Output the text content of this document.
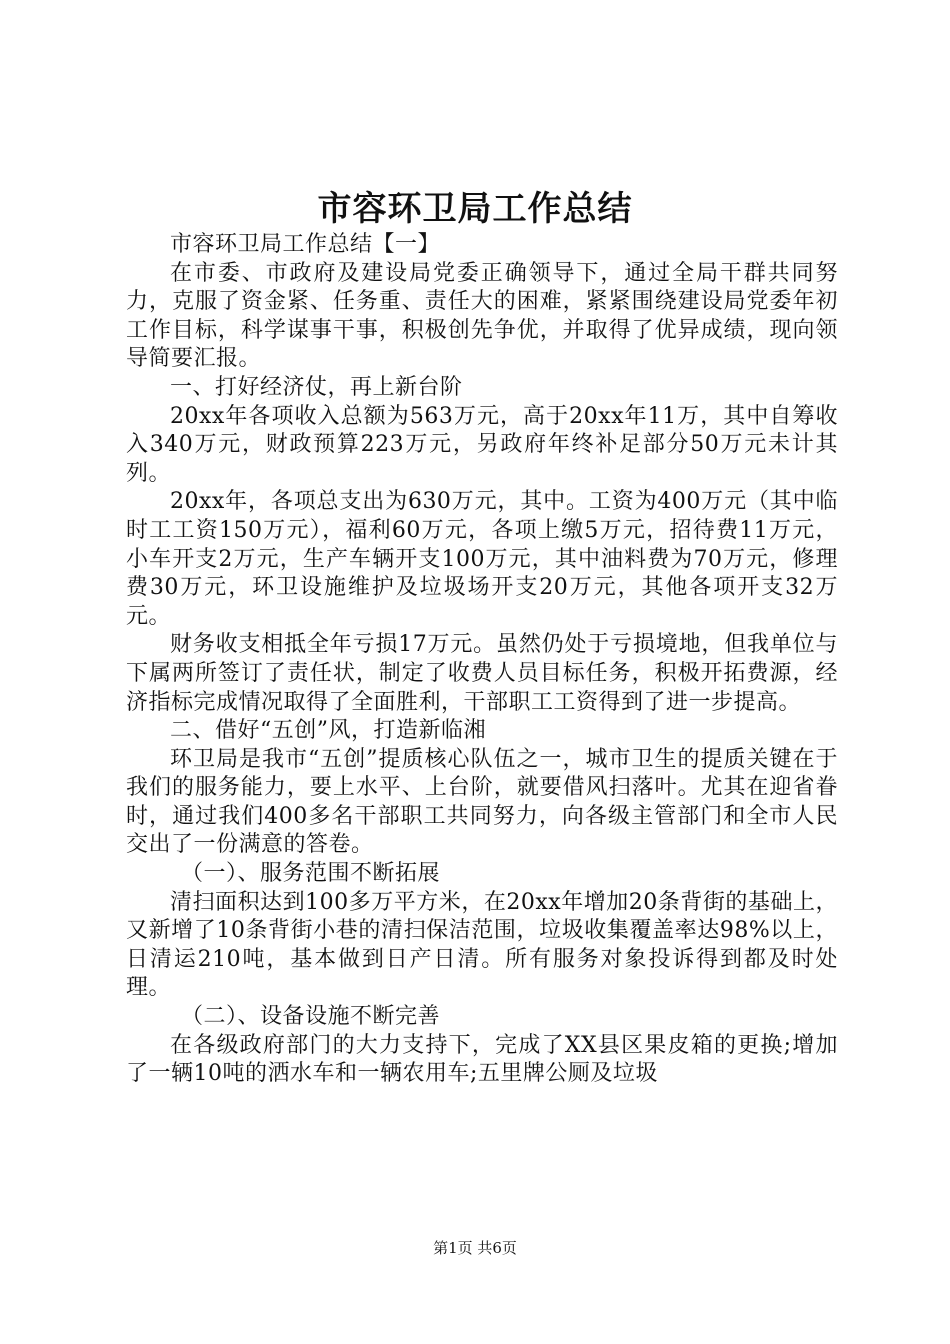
市容环卫局工作总结

市容环卫局工作总结【一】

在市委、市政府及建设局党委正确领导下，通过全局干群共同努力，克服了资金紧、任务重、责任大的困难，紧紧围绕建设局党委年初工作目标，科学谋事干事，积极创先争优，并取得了优异成绩，现向领导简要汇报。

一、打好经济仗，再上新台阶

20xx年各项收入总额为563万元，高于20xx年11万，其中自筹收入340万元，财政预算223万元，另政府年终补足部分50万元未计其列。

20xx年，各项总支出为630万元，其中。工资为400万元（其中临时工工资150万元），福利60万元，各项上缴5万元，招待费11万元，小车开支2万元，生产车辆开支100万元，其中油料费为70万元，修理费30万元，环卫设施维护及垃圾场开支20万元，其他各项开支32万元。

财务收支相抵全年亏损17万元。虽然仍处于亏损境地，但我单位与下属两所签订了责任状，制定了收费人员目标任务，积极开拓费源，经济指标完成情况取得了全面胜利，干部职工工资得到了进一步提高。

二、借好“五创”风，打造新临湘

环卫局是我市“五创”提质核心队伍之一，城市卫生的提质关键在于我们的服务能力，要上水平、上台阶，就要借风扫落叶。尤其在迎省眷时，通过我们400多名干部职工共同努力，向各级主管部门和全市人民交出了一份满意的答卷。

（一）、服务范围不断拓展

清扫面积达到100多万平方米，在20xx年增加20条背街的基础上，又新增了10条背街小巷的清扫保洁范围，垃圾收集覆盖率达98%以上，日清运210吨，基本做到日产日清。所有服务对象投诉得到都及时处理。

（二）、设备设施不断完善

在各级政府部门的大力支持下，完成了XX县区果皮箱的更换;增加了一辆10吨的洒水车和一辆农用车;五里牌公厕及垃圾

第1页 共6页
